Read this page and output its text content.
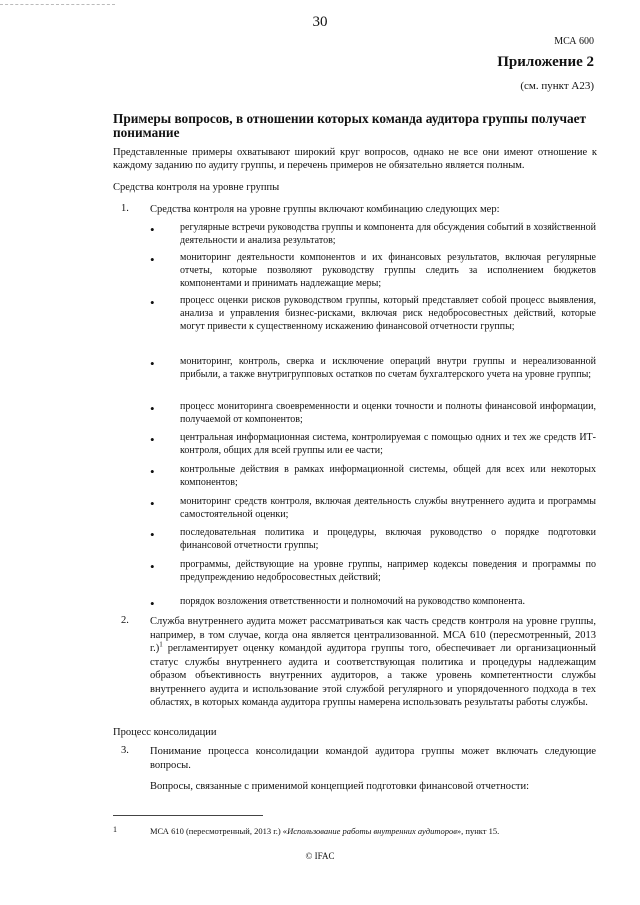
30
МСА 600
Приложение 2
(см. пункт A23)
Примеры вопросов, в отношении которых команда аудитора группы получает понимание
Представленные примеры охватывают широкий круг вопросов, однако не все они имеют отношение к каждому заданию по аудиту группы, и перечень примеров не обязательно является полным.
Средства контроля на уровне группы
1. Средства контроля на уровне группы включают комбинацию следующих мер:
•	регулярные встречи руководства группы и компонента для обсуждения событий в хозяйственной деятельности и анализа результатов;
•	мониторинг деятельности компонентов и их финансовых результатов, включая регулярные отчеты, которые позволяют руководству группы следить за исполнением бюджетов компонентами и принимать надлежащие меры;
•	процесс оценки рисков руководством группы, который представляет собой процесс выявления, анализа и управления бизнес-рисками, включая риск недобросовестных действий, которые могут привести к существенному искажению финансовой отчетности группы;
•	мониторинг, контроль, сверка и исключение операций внутри группы и нереализованной прибыли, а также внутригрупповых остатков по счетам бухгалтерского учета на уровне группы;
•	процесс мониторинга своевременности и оценки точности и полноты финансовой информации, получаемой от компонентов;
•	центральная информационная система, контролируемая с помощью одних и тех же средств ИТ-контроля, общих для всей группы или ее части;
•	контрольные действия в рамках информационной системы, общей для всех или некоторых компонентов;
•	мониторинг средств контроля, включая деятельность службы внутреннего аудита и программы самостоятельной оценки;
•	последовательная политика и процедуры, включая руководство о порядке подготовки финансовой отчетности группы;
•	программы, действующие на уровне группы, например кодексы поведения и программы по предупреждению недобросовестных действий;
•	порядок возложения ответственности и полномочий на руководство компонента.
2. Служба внутреннего аудита может рассматриваться как часть средств контроля на уровне группы, например, в том случае, когда она является централизованной. МСА 610 (пересмотренный, 2013 г.)$^1$ регламентирует оценку командой аудитора группы того, обеспечивает ли организационный статус службы внутреннего аудита и соответствующая политика и процедуры надлежащим образом объективность внутренних аудиторов, а также уровень компетентности службы внутреннего аудита и использование этой службой регулярного и упорядоченного подхода в тех областях, в которых команда аудитора группы намерена использовать результаты работы службы.
Процесс консолидации
3. Понимание процесса консолидации командой аудитора группы может включать следующие вопросы.
Вопросы, связанные с применимой концепцией подготовки финансовой отчетности:
1	МСА 610 (пересмотренный, 2013 г.) «Использование работы внутренних аудиторов», пункт 15.
© IFAC
